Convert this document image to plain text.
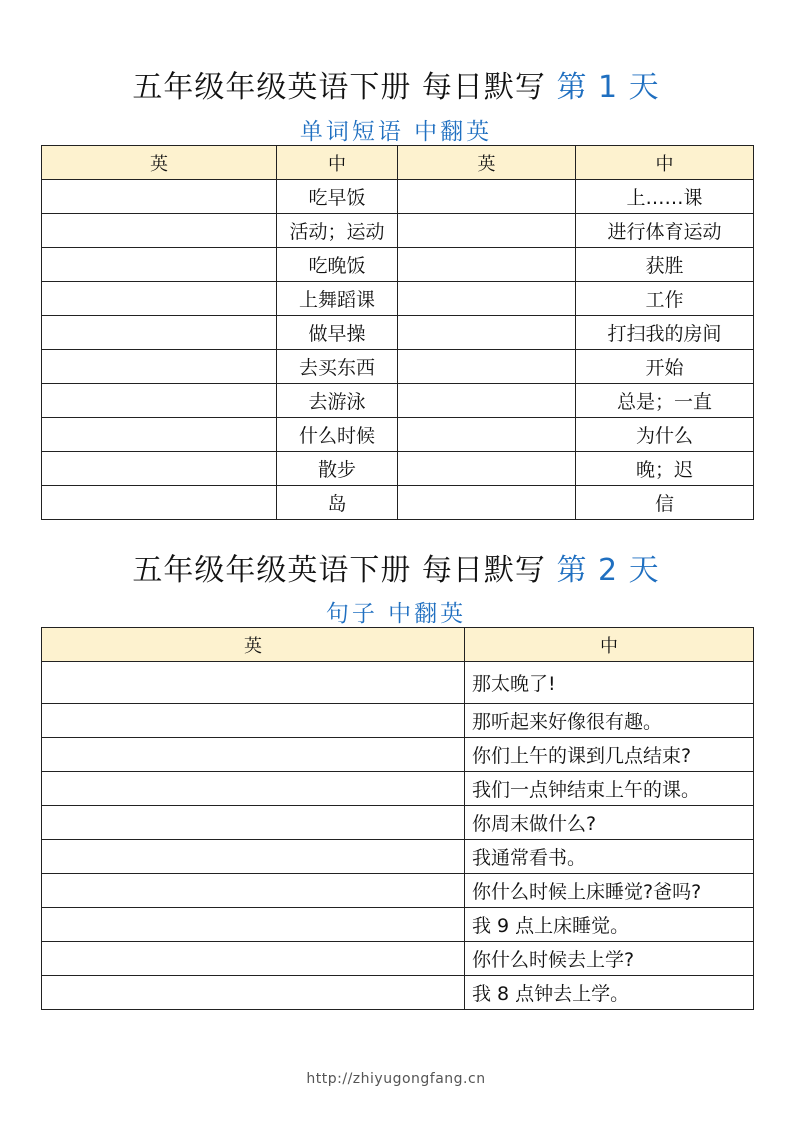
五年级年级英语下册 每日默写 第 1 天
单词短语 中翻英
英	中	英	中
	吃早饭		上……课
	活动；运动		进行体育运动
	吃晚饭		获胜
	上舞蹈课		工作
	做早操		打扫我的房间
	去买东西		开始
	去游泳		总是；一直
	什么时候		为什么
	散步		晚；迟
	岛		信
五年级年级英语下册 每日默写 第 2 天
句子 中翻英
英	中
	那太晚了!
	那听起来好像很有趣。
	你们上午的课到几点结束?
	我们一点钟结束上午的课。
	你周末做什么?
	我通常看书。
	你什么时候上床睡觉?爸吗?
	我 9 点上床睡觉。
	你什么时候去上学?
	我 8 点钟去上学。
http://zhiyugongfang.cn
